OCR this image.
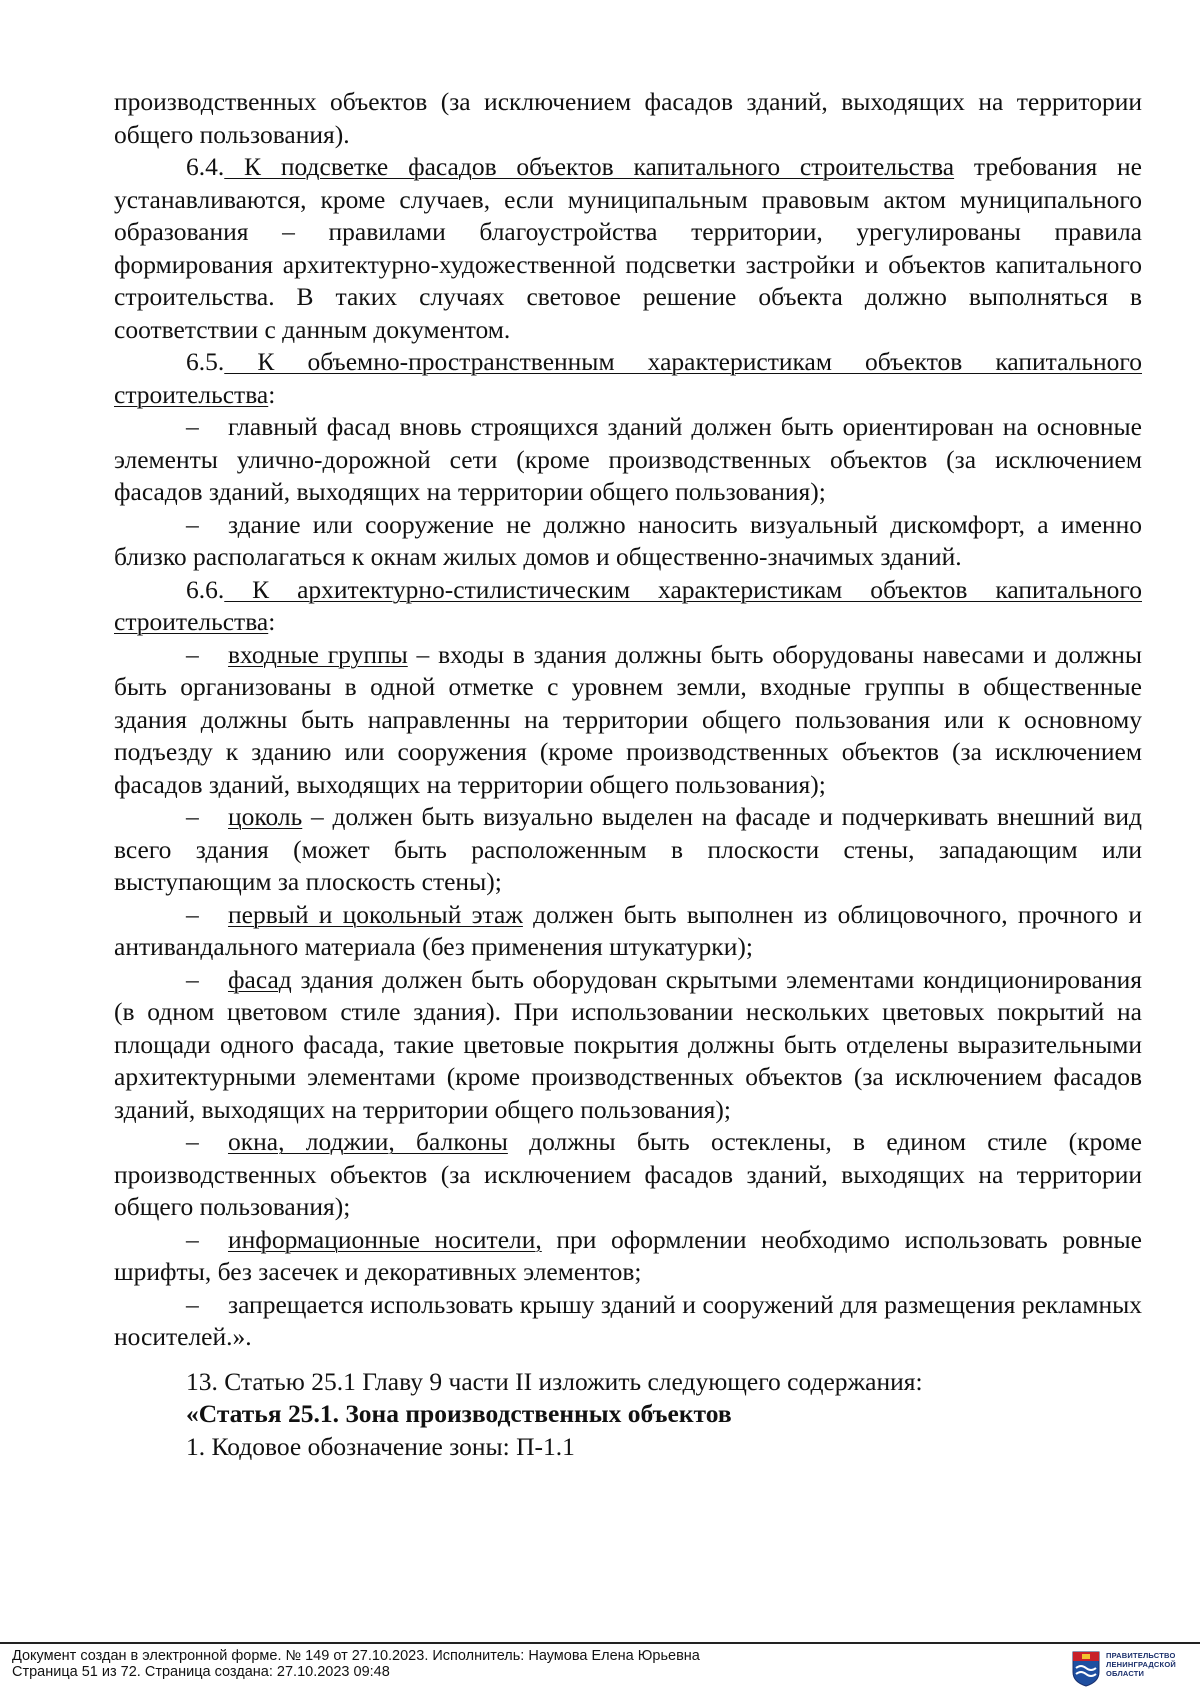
производственных объектов (за исключением фасадов зданий, выходящих на территории общего пользования).

6.4. К подсветке фасадов объектов капитального строительства требования не устанавливаются, кроме случаев, если муниципальным правовым актом муниципального образования – правилами благоустройства территории, урегулированы правила формирования архитектурно-художественной подсветки застройки и объектов капитального строительства. В таких случаях световое решение объекта должно выполняться в соответствии с данным документом.

6.5. К объемно-пространственным характеристикам объектов капитального строительства:

– главный фасад вновь строящихся зданий должен быть ориентирован на основные элементы улично-дорожной сети (кроме производственных объектов (за исключением фасадов зданий, выходящих на территории общего пользования);

– здание или сооружение не должно наносить визуальный дискомфорт, а именно близко располагаться к окнам жилых домов и общественно-значимых зданий.

6.6. К архитектурно-стилистическим характеристикам объектов капитального строительства:

– входные группы – входы в здания должны быть оборудованы навесами и должны быть организованы в одной отметке с уровнем земли, входные группы в общественные здания должны быть направленны на территории общего пользования или к основному подъезду к зданию или сооружения (кроме производственных объектов (за исключением фасадов зданий, выходящих на территории общего пользования);

– цоколь – должен быть визуально выделен на фасаде и подчеркивать внешний вид всего здания (может быть расположенным в плоскости стены, западающим или выступающим за плоскость стены);

– первый и цокольный этаж должен быть выполнен из облицовочного, прочного и антивандального материала (без применения штукатурки);

– фасад здания должен быть оборудован скрытыми элементами кондиционирования (в одном цветовом стиле здания). При использовании нескольких цветовых покрытий на площади одного фасада, такие цветовые покрытия должны быть отделены выразительными архитектурными элементами (кроме производственных объектов (за исключением фасадов зданий, выходящих на территории общего пользования);

– окна, лоджии, балконы должны быть остеклены, в едином стиле (кроме производственных объектов (за исключением фасадов зданий, выходящих на территории общего пользования);

– информационные носители, при оформлении необходимо использовать ровные шрифты, без засечек и декоративных элементов;

– запрещается использовать крышу зданий и сооружений для размещения рекламных носителей.».

13. Статью 25.1 Главу 9 части II изложить следующего содержания:

«Статья 25.1. Зона производственных объектов

1. Кодовое обозначение зоны: П-1.1

Документ создан в электронной форме. № 149 от 27.10.2023. Исполнитель: Наумова Елена Юрьевна
Страница 51 из 72. Страница создана: 27.10.2023 09:48
ПРАВИТЕЛЬСТВО
ЛЕНИНГРАДСКОЙ
ОБЛАСТИ
